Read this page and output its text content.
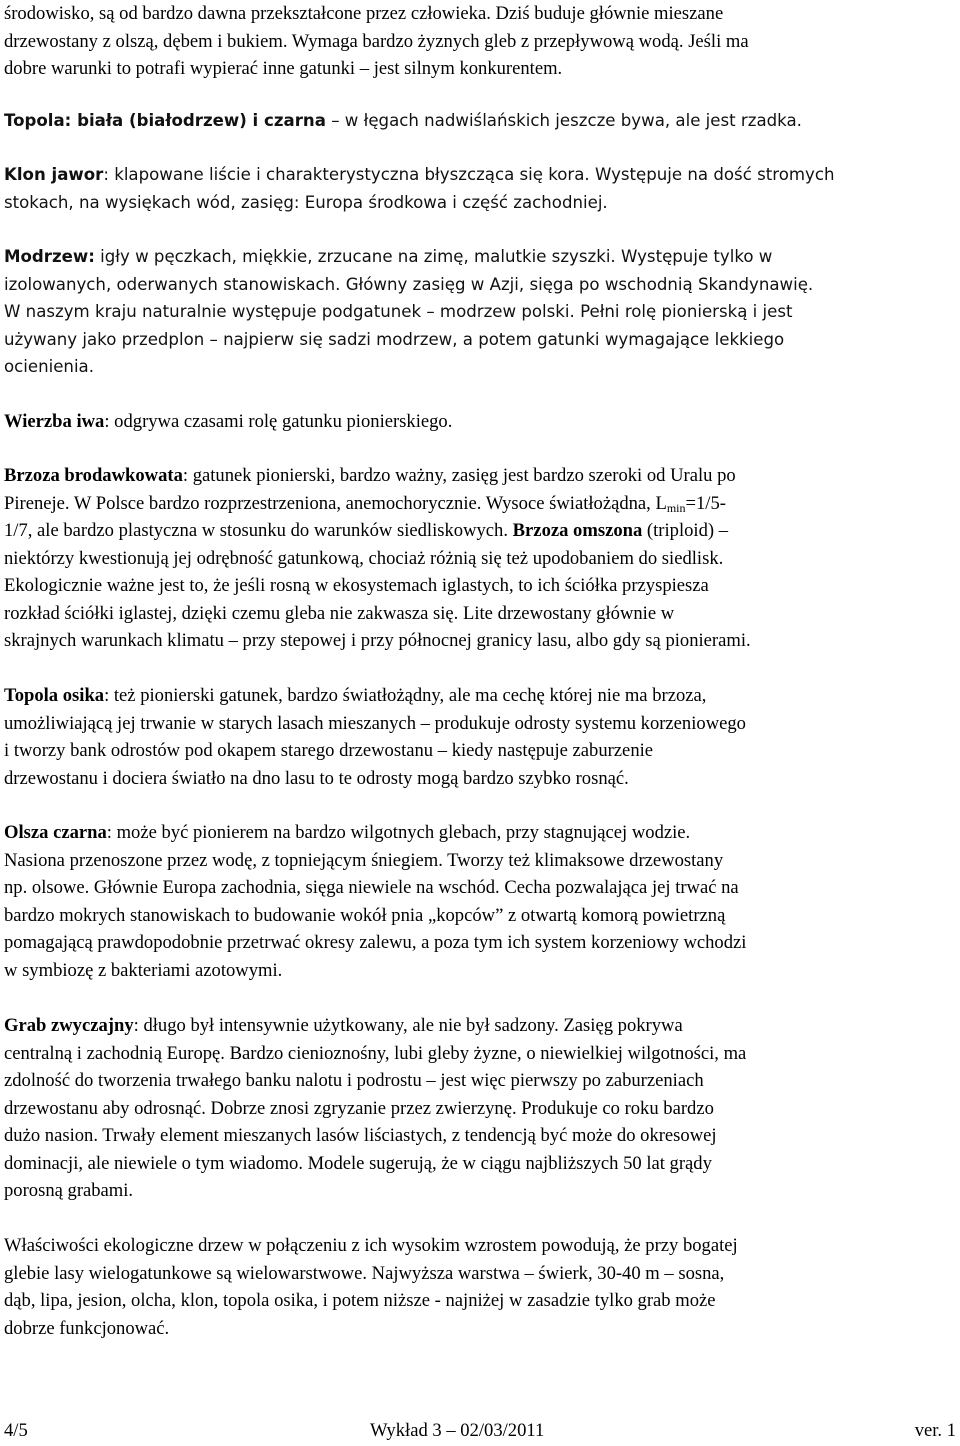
środowisko, są od bardzo dawna przekształcone przez człowieka. Dziś buduje głównie mieszane
drzewostany z olszą, dębem i bukiem. Wymaga bardzo żyznych gleb z przepływową wodą. Jeśli ma
dobre warunki to potrafi wypierać inne gatunki – jest silnym konkurentem.
Topola: biała (białodrzew) i czarna – w łęgach nadwiślańskich jeszcze bywa, ale jest rzadka.
Klon jawor: klapowane liście i charakterystyczna błyszcząca się kora. Występuje na dość stromych
stokach, na wysiękach wód, zasięg: Europa środkowa i część zachodniej.
Modrzew: igły w pęczkach, miękkie, zrzucane na zimę, malutkie szyszki. Występuje tylko w
izolowanych, oderwanych stanowiskach. Główny zasięg w Azji, sięga po wschodnią Skandynawię.
W naszym kraju naturalnie występuje podgatunek – modrzew polski. Pełni rolę pionierską i jest
używany jako przedplon – najpierw się sadzi modrzew, a potem gatunki wymagające lekkiego
ocienienia.
Wierzba iwa: odgrywa czasami rolę gatunku pionierskiego.
Brzoza brodawkowata: gatunek pionierski, bardzo ważny, zasięg jest bardzo szeroki od Uralu po
Pireneje. W Polsce bardzo rozprzestrzeniona, anemochorycznie. Wysoce światłożądna, $L_{min}=1/5-$
1/7, ale bardzo plastyczna w stosunku do warunków siedliskowych. Brzoza omszona (triploid) –
niektórzy kwestionują jej odrębność gatunkową, chociaż różnią się też upodobaniem do siedlisk.
Ekologicznie ważne jest to, że jeśli rosną w ekosystemach iglastych, to ich ściółka przyspiesza
rozkład ściółki iglastej, dzięki czemu gleba nie zakwasza się. Lite drzewostany głównie w
skrajnych warunkach klimatu – przy stepowej i przy północnej granicy lasu, albo gdy są pionierami.
Topola osika: też pionierski gatunek, bardzo światłożądny, ale ma cechę której nie ma brzoza,
umożliwiającą jej trwanie w starych lasach mieszanych – produkuje odrosty systemu korzeniowego
i tworzy bank odrostów pod okapem starego drzewostanu – kiedy następuje zaburzenie
drzewostanu i dociera światło na dno lasu to te odrosty mogą bardzo szybko rosnąć.
Olsza czarna: może być pionierem na bardzo wilgotnych glebach, przy stagnującej wodzie.
Nasiona przenoszone przez wodę, z topniejącym śniegiem. Tworzy też klimaksowe drzewostany
np. olsowe. Głównie Europa zachodnia, sięga niewiele na wschód. Cecha pozwalająca jej trwać na
bardzo mokrych stanowiskach to budowanie wokół pnia „kopców” z otwartą komorą powietrzną
pomagającą prawdopodobnie przetrwać okresy zalewu, a poza tym ich system korzeniowy wchodzi
w symbiozę z bakteriami azotowymi.
Grab zwyczajny: długo był intensywnie użytkowany, ale nie był sadzony. Zasięg pokrywa
centralną i zachodnią Europę. Bardzo cienioznośny, lubi gleby żyzne, o niewielkiej wilgotności, ma
zdolność do tworzenia trwałego banku nalotu i podrostu – jest więc pierwszy po zaburzeniach
drzewostanu aby odrosnąć. Dobrze znosi zgryzanie przez zwierzynę. Produkuje co roku bardzo
dużo nasion. Trwały element mieszanych lasów liściastych, z tendencją być może do okresowej
dominacji, ale niewiele o tym wiadomo. Modele sugerują, że w ciągu najbliższych 50 lat grądy
porosną grabami.
Właściwości ekologiczne drzew w połączeniu z ich wysokim wzrostem powodują, że przy bogatej
glebie lasy wielogatunkowe są wielowarstwowe. Najwyższa warstwa – świerk, 30-40 m – sosna,
dąb, lipa, jesion, olcha, klon, topola osika, i potem niższe - najniżej w zasadzie tylko grab może
dobrze funkcjonować.
4/5	Wykład 3 – 02/03/2011	ver. 1
